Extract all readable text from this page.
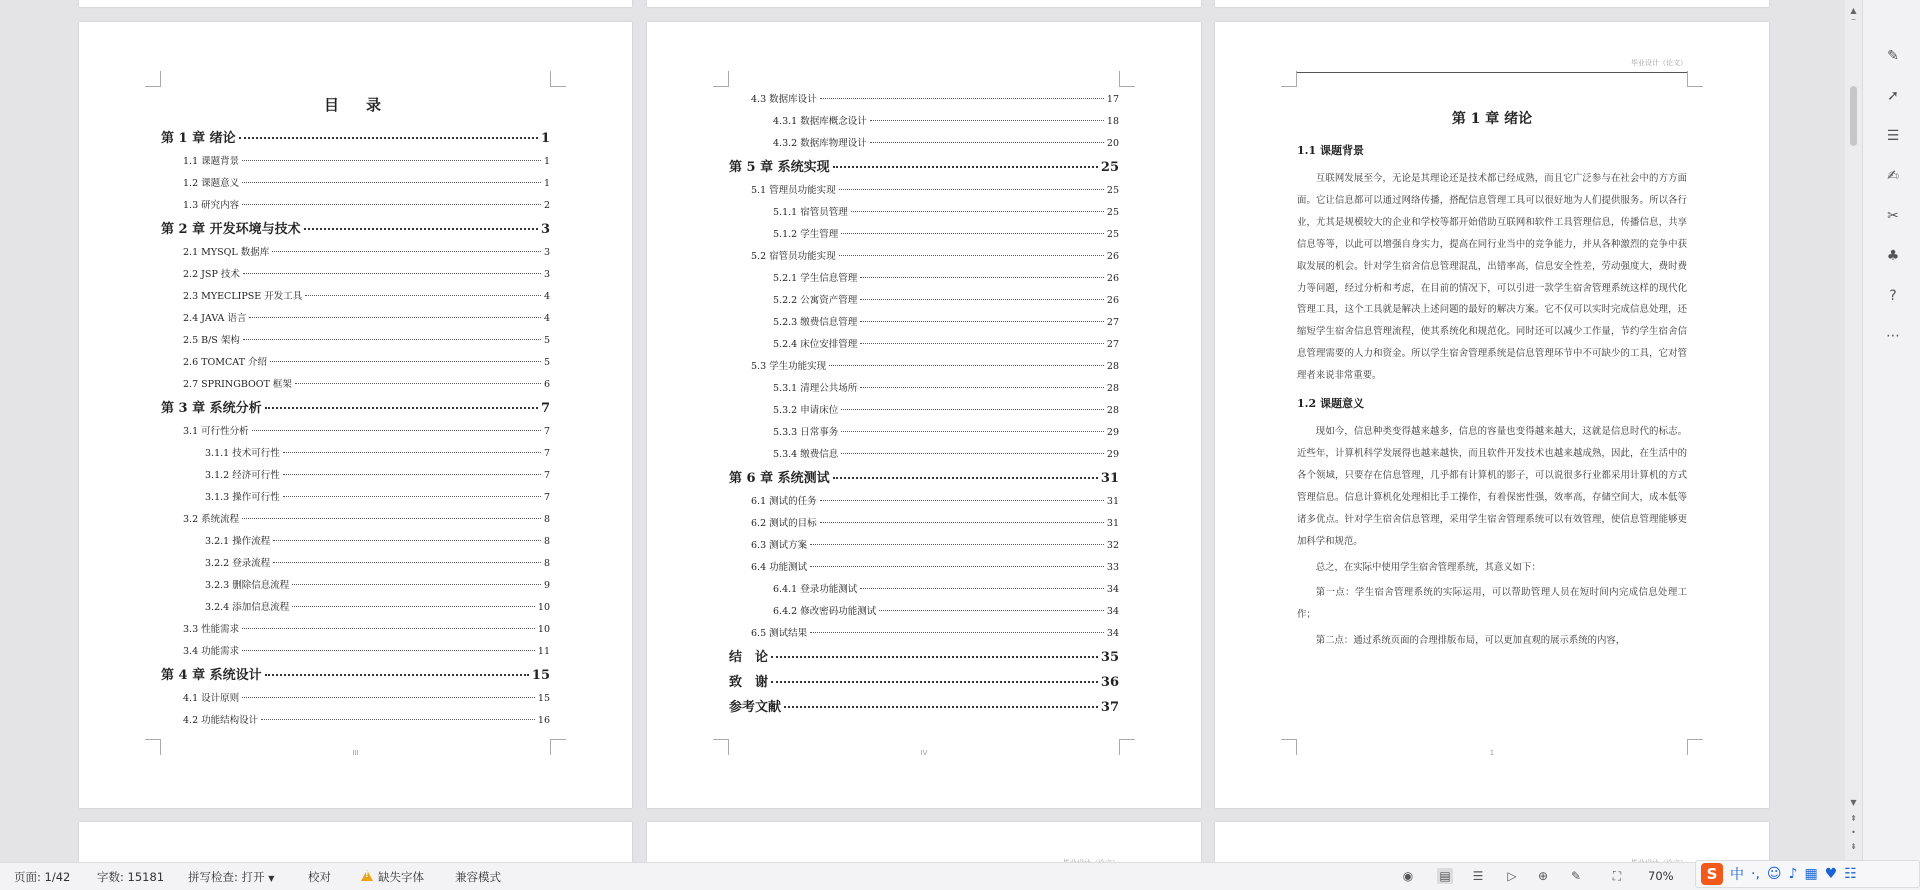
目　录
第 1 章 绪论	1
1.1 课题背景	1
1.2 课题意义	1
1.3 研究内容	2
第 2 章 开发环境与技术	3
2.1 MYSQL 数据库	3
2.2 JSP 技术	3
2.3 MYECLIPSE 开发工具	4
2.4 JAVA 语言	4
2.5 B/S 架构	5
2.6 TOMCAT 介绍	5
2.7 SPRINGBOOT 框架	6
第 3 章 系统分析	7
3.1 可行性分析	7
3.1.1 技术可行性	7
3.1.2 经济可行性	7
3.1.3 操作可行性	7
3.2 系统流程	8
3.2.1 操作流程	8
3.2.2 登录流程	8
3.2.3 删除信息流程	9
3.2.4 添加信息流程	10
3.3 性能需求	10
3.4 功能需求	11
第 4 章 系统设计	15
4.1 设计原则	15
4.2 功能结构设计	16
III
4.3 数据库设计	17
4.3.1 数据库概念设计	18
4.3.2 数据库物理设计	20
第 5 章 系统实现	25
5.1 管理员功能实现	25
5.1.1 宿管员管理	25
5.1.2 学生管理	25
5.2 宿管员功能实现	26
5.2.1 学生信息管理	26
5.2.2 公寓资产管理	26
5.2.3 缴费信息管理	27
5.2.4 床位安排管理	27
5.3 学生功能实现	28
5.3.1 清理公共场所	28
5.3.2 申请床位	28
5.3.3 日常事务	29
5.3.4 缴费信息	29
第 6 章 系统测试	31
6.1 测试的任务	31
6.2 测试的目标	31
6.3 测试方案	32
6.4 功能测试	33
6.4.1 登录功能测试	34
6.4.2 修改密码功能测试	34
6.5 测试结果	34
结　论	35
致　谢	36
参考文献	37
IV
毕业设计（论文）
第 1 章 绪论
1.1 课题背景
互联网发展至今，无论是其理论还是技术都已经成熟，而且它广泛参与在社会中的方方面面。它让信息都可以通过网络传播，搭配信息管理工具可以很好地为人们提供服务。所以各行业，尤其是规模较大的企业和学校等都开始借助互联网和软件工具管理信息，传播信息，共享信息等等，以此可以增强自身实力，提高在同行业当中的竞争能力，并从各种激烈的竞争中获取发展的机会。针对学生宿舍信息管理混乱，出错率高，信息安全性差，劳动强度大，费时费力等问题，经过分析和考虑，在目前的情况下，可以引进一款学生宿舍管理系统这样的现代化管理工具，这个工具就是解决上述问题的最好的解决方案。它不仅可以实时完成信息处理，还缩短学生宿舍信息管理流程，使其系统化和规范化。同时还可以减少工作量，节约学生宿舍信息管理需要的人力和资金。所以学生宿舍管理系统是信息管理环节中不可缺少的工具，它对管理者来说非常重要。
1.2 课题意义
现如今，信息种类变得越来越多，信息的容量也变得越来越大，这就是信息时代的标志。近些年，计算机科学发展得也越来越快，而且软件开发技术也越来越成熟，因此，在生活中的各个领域，只要存在信息管理，几乎都有计算机的影子，可以说很多行业都采用计算机的方式管理信息。信息计算机化处理相比手工操作，有着保密性强，效率高，存储空间大，成本低等诸多优点。针对学生宿舍信息管理，采用学生宿舍管理系统可以有效管理，使信息管理能够更加科学和规范。
总之，在实际中使用学生宿舍管理系统，其意义如下：
第一点：学生宿舍管理系统的实际运用，可以帮助管理人员在短时间内完成信息处理工作；
第二点：通过系统页面的合理排版布局，可以更加直观的展示系统的内容，
1
▲
‾
▼
⇞
•
⇟
✎
➚
☰
✍
✂
♣
?
⋯
页面: 1/42 字数: 15181 拼写检查: 打开 ▼	校对 !	缺失字体	兼容模式	◉ ▤ ☰ ▷ ⊕ ✎	⛶	70%	S 中 ·, ☺ ♪ ▦ ♥ ☷
